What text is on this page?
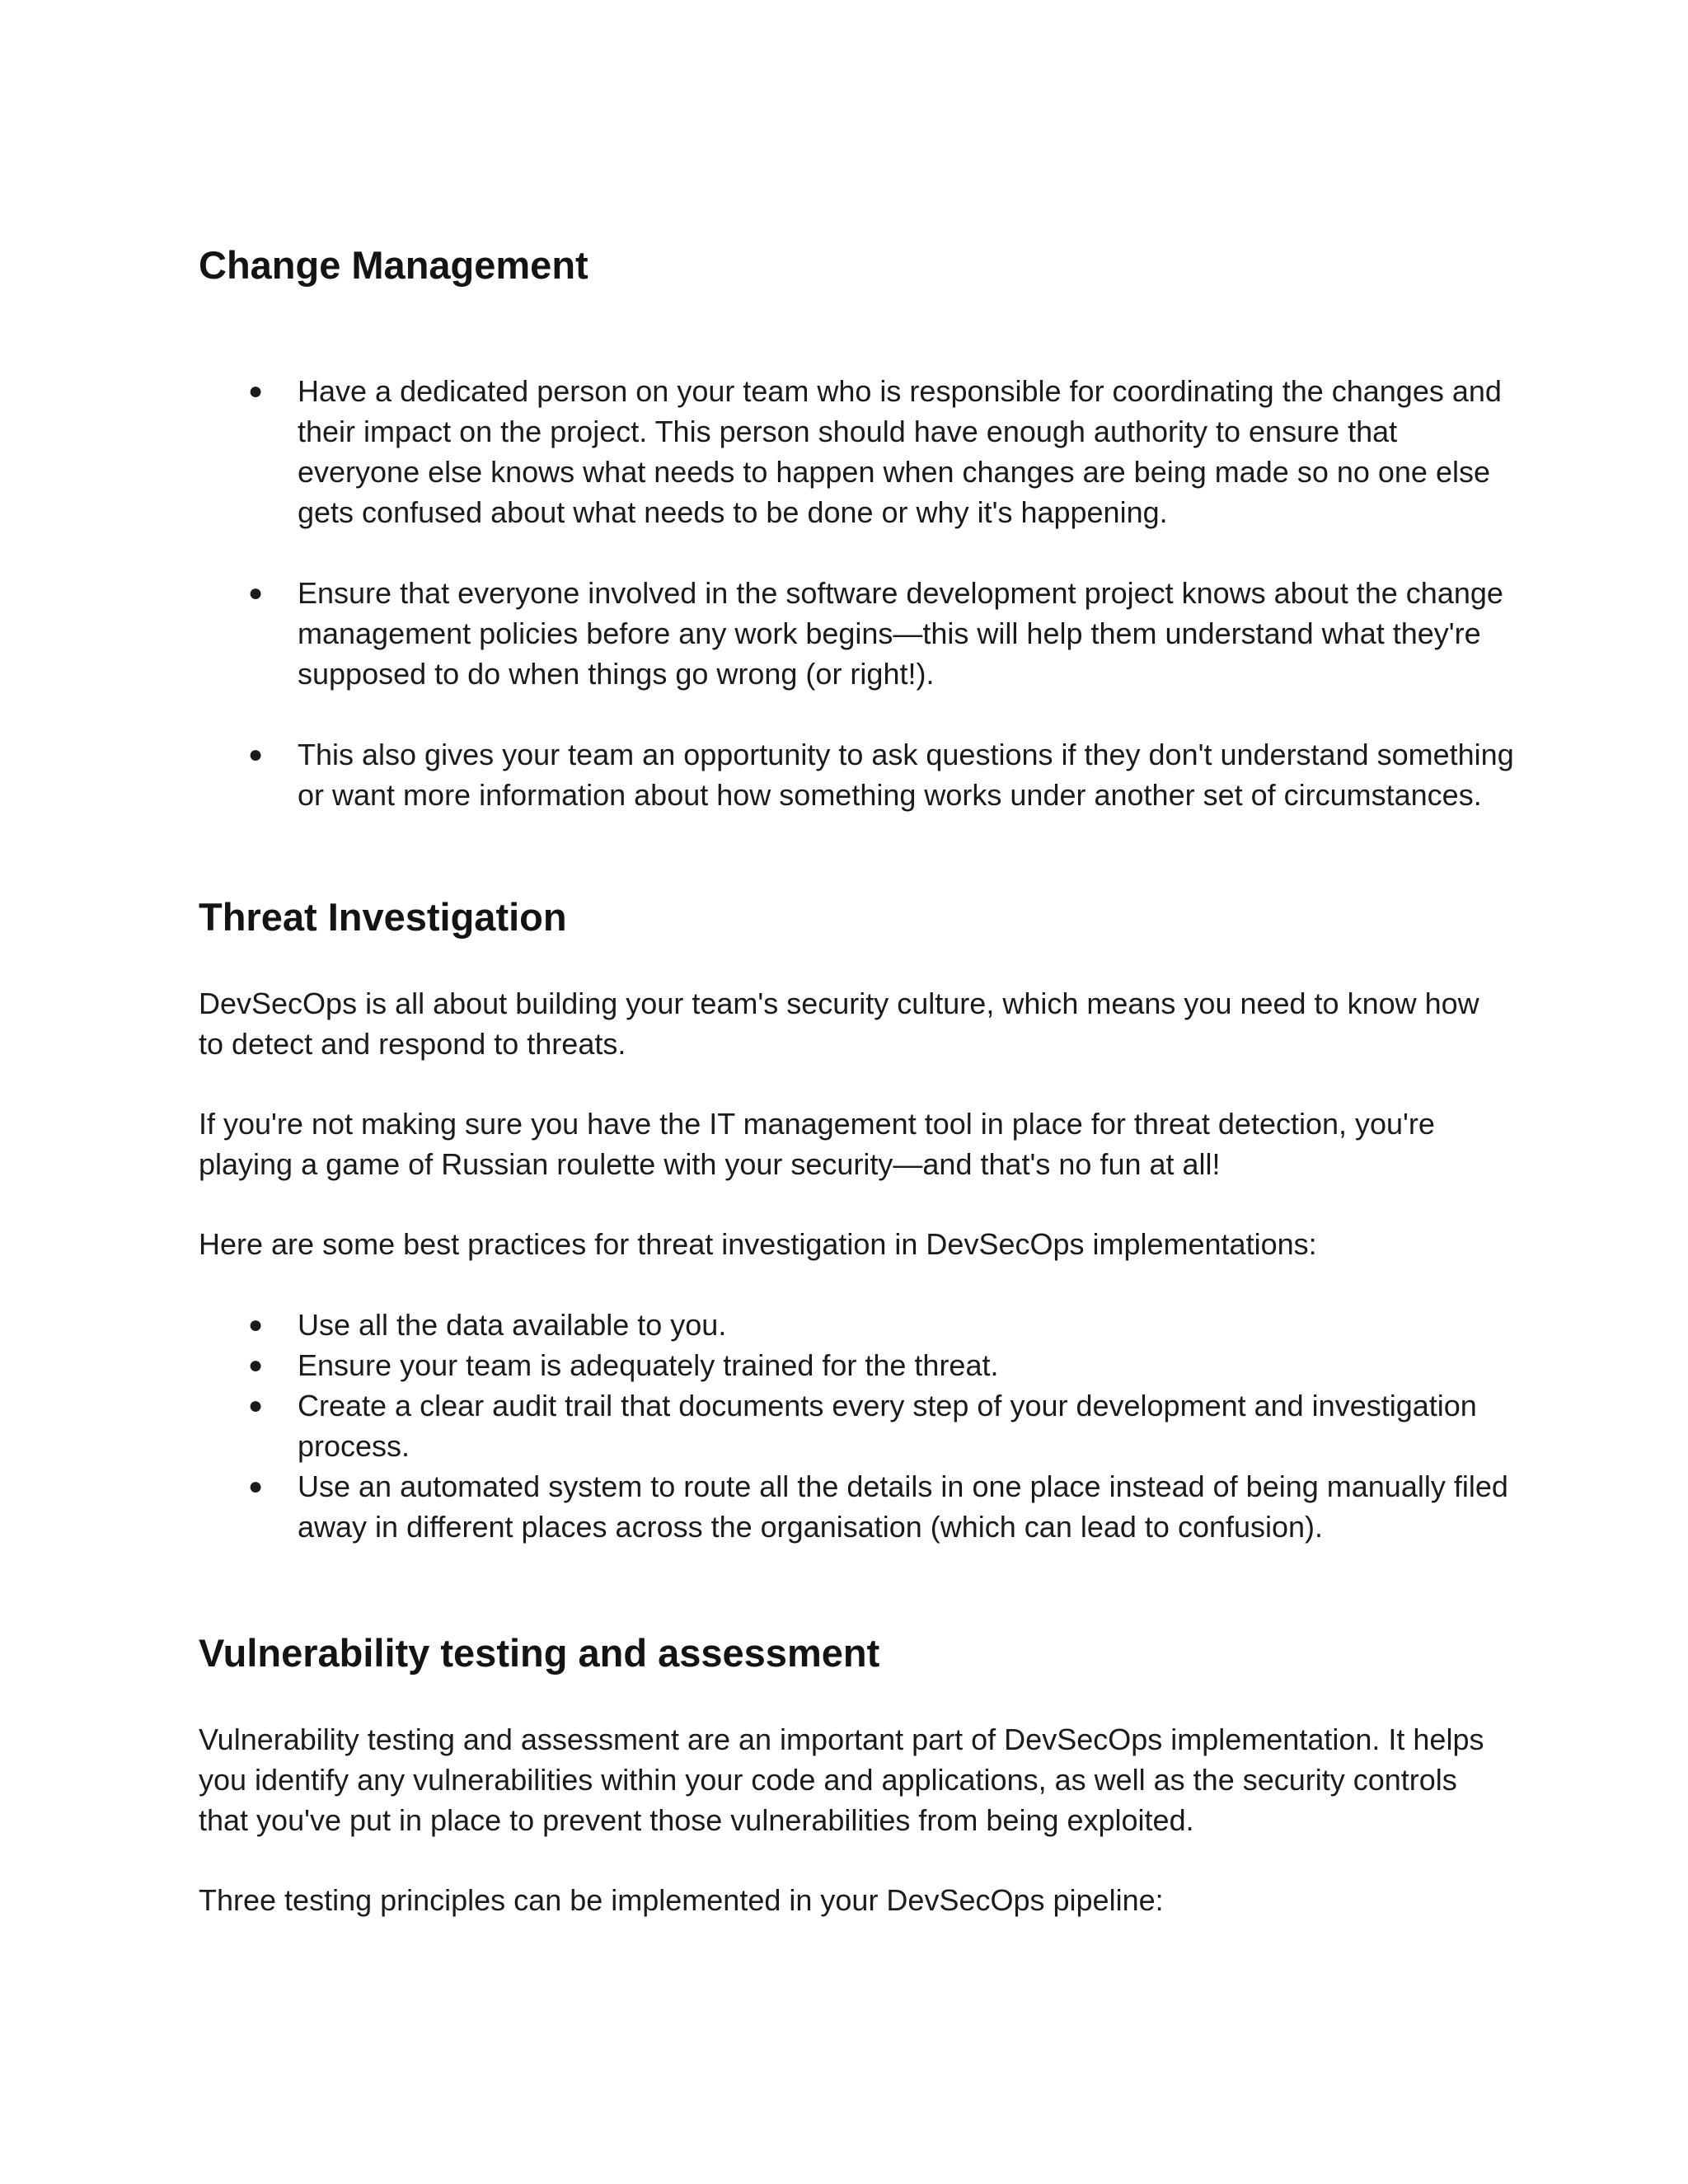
Change Management
● Have a dedicated person on your team who is responsible for coordinating the changes and their impact on the project. This person should have enough authority to ensure that everyone else knows what needs to happen when changes are being made so no one else gets confused about what needs to be done or why it's happening.
● Ensure that everyone involved in the software development project knows about the change management policies before any work begins—this will help them understand what they're supposed to do when things go wrong (or right!).
● This also gives your team an opportunity to ask questions if they don't understand something or want more information about how something works under another set of circumstances.
Threat Investigation

DevSecOps is all about building your team's security culture, which means you need to know how to detect and respond to threats.

If you're not making sure you have the IT management tool in place for threat detection, you're playing a game of Russian roulette with your security—and that's no fun at all!

Here are some best practices for threat investigation in DevSecOps implementations:

● Use all the data available to you.
● Ensure your team is adequately trained for the threat.
● Create a clear audit trail that documents every step of your development and investigation process.
● Use an automated system to route all the details in one place instead of being manually filed away in different places across the organisation (which can lead to confusion).
Vulnerability testing and assessment

Vulnerability testing and assessment are an important part of DevSecOps implementation. It helps you identify any vulnerabilities within your code and applications, as well as the security controls that you've put in place to prevent those vulnerabilities from being exploited.

Three testing principles can be implemented in your DevSecOps pipeline:
